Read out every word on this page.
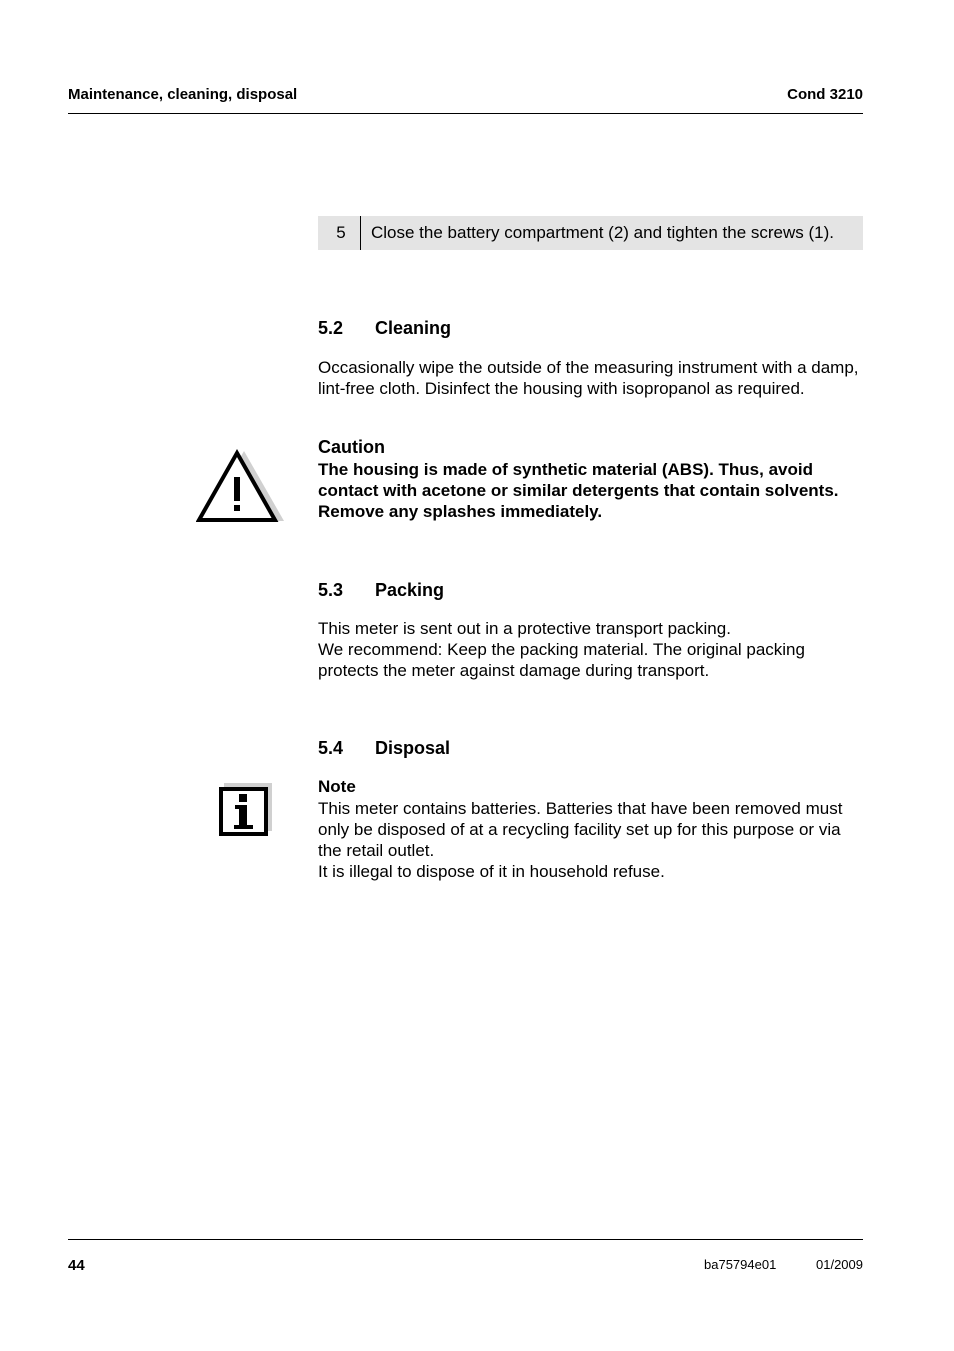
Maintenance, cleaning, disposal	Cond 3210
5	Close the battery compartment (2) and tighten the screws (1).
5.2 Cleaning

Occasionally wipe the outside of the measuring instrument with a damp, lint-free cloth. Disinfect the housing with isopropanol as required.

Caution
The housing is made of synthetic material (ABS). Thus, avoid contact with acetone or similar detergents that contain solvents. Remove any splashes immediately.
5.3 Packing

This meter is sent out in a protective transport packing.

We recommend: Keep the packing material. The original packing protects the meter against damage during transport.

5.4 Disposal
Note

This meter contains batteries. Batteries that have been removed must only be disposed of at a recycling facility set up for this purpose or via the retail outlet.

It is illegal to dispose of it in household refuse.

44	ba75794e01	01/2009
